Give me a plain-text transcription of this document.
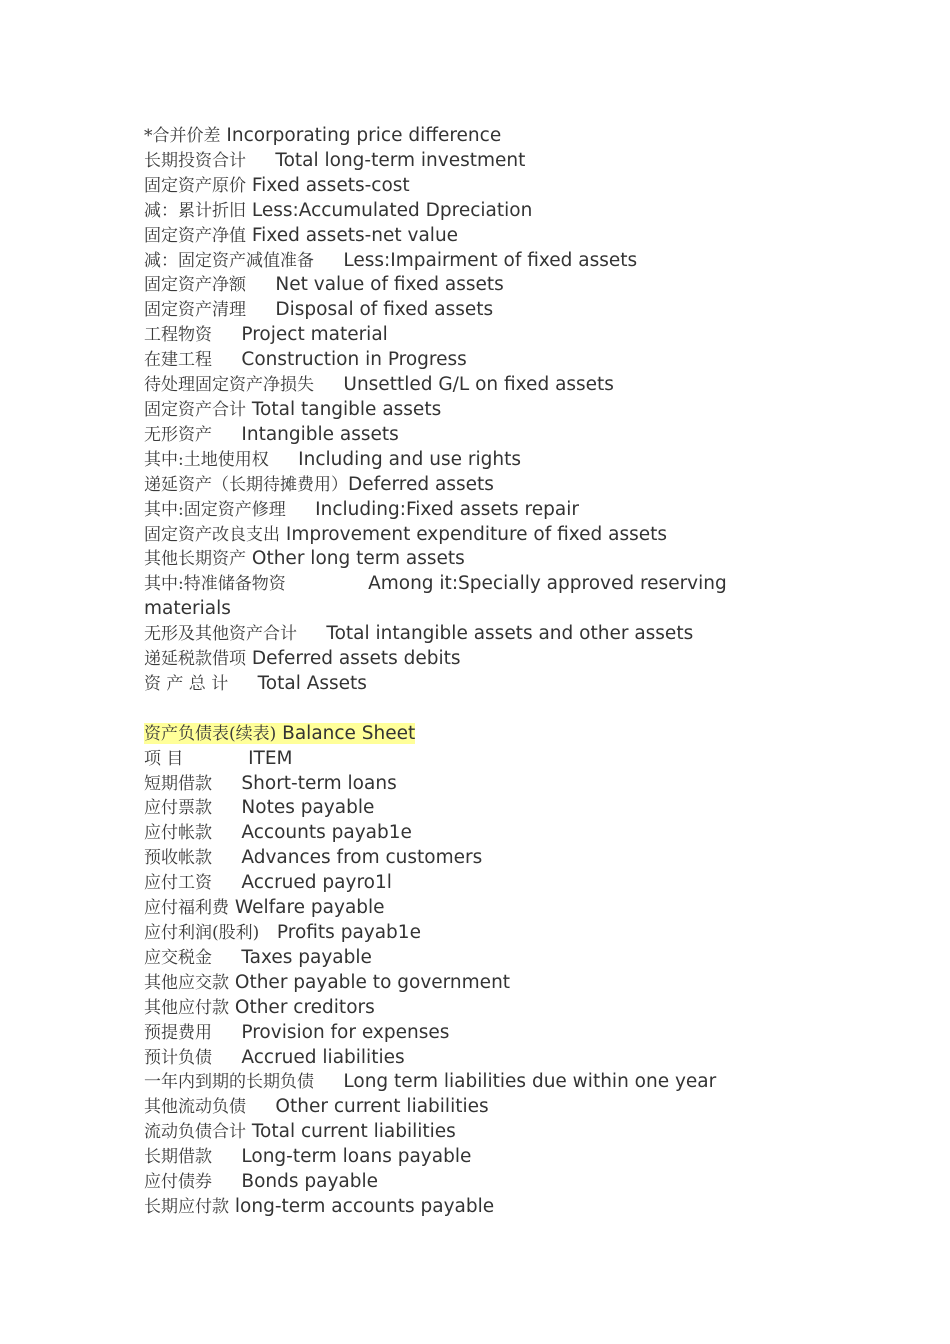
*合并价差 Incorporating price difference
长期投资合计 Total long-term investment
固定资产原价 Fixed assets-cost
减：累计折旧 Less:Accumulated Dpreciation
固定资产净值 Fixed assets-net value
减：固定资产减值准备 Less:Impairment of fixed assets
固定资产净额 Net value of fixed assets
固定资产清理 Disposal of fixed assets
工程物资 Project material
在建工程 Construction in Progress
待处理固定资产净损失 Unsettled G/L on fixed assets
固定资产合计 Total tangible assets
无形资产 Intangible assets
其中:土地使用权 Including and use rights
递延资产（长期待摊费用）Deferred assets
其中:固定资产修理 Including:Fixed assets repair
固定资产改良支出 Improvement expenditure of fixed assets
其他长期资产 Other long term assets
其中:特准储备物资	Among it:Specially approved reserving materials
无形及其他资产合计 Total intangible assets and other assets
递延税款借项 Deferred assets debits
资 产 总 计 Total Assets
资产负债表(续表) Balance Sheet
项 目	ITEM
短期借款 Short-term loans
应付票款 Notes payable
应付帐款 Accounts payab1e
预收帐款 Advances from customers
应付工资 Accrued payro1l
应付福利费 Welfare payable
应付利润(股利) Profits payab1e
应交税金 Taxes payable
其他应交款 Other payable to government
其他应付款 Other creditors
预提费用 Provision for expenses
预计负债 Accrued liabilities
一年内到期的长期负债 Long term liabilities due within one year
其他流动负债 Other current liabilities
流动负债合计 Total current liabilities
长期借款 Long-term loans payable
应付债券 Bonds payable
长期应付款 long-term accounts payable
